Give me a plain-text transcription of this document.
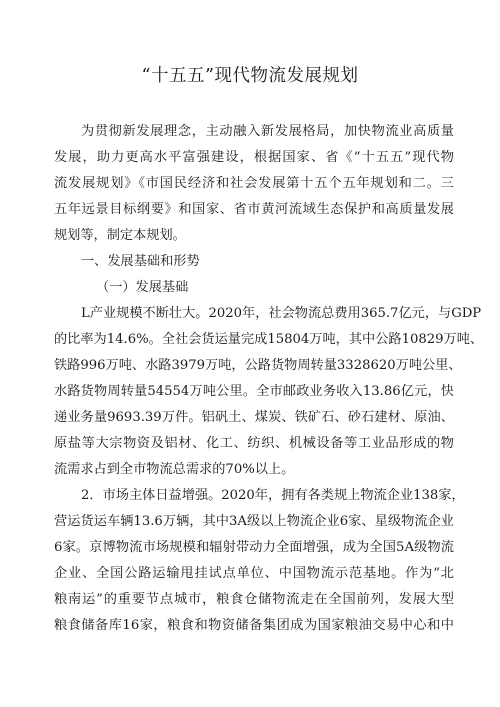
“十五五”现代物流发展规划

为贯彻新发展理念，主动融入新发展格局，加快物流业高质量

发展，助力更高水平富强建设，根据国家、省《“十五五”现代物

流发展规划》《市国民经济和社会发展第十五个五年规划和二。三

五年远景目标纲要》和国家、省市黄河流域生态保护和高质量发展

规划等，制定本规划。

一、发展基础和形势

（一）发展基础

L产业规模不断壮大。2020年，社会物流总费用365.7亿元，与GDP

的比率为14.6%。全社会货运量完成15804万吨，其中公路10829万吨、

铁路996万吨、水路3979万吨，公路货物周转量3328620万吨公里、

水路货物周转量54554万吨公里。全市邮政业务收入13.86亿元，快

递业务量9693.39万件。铝矾土、煤炭、铁矿石、砂石建材、原油、

原盐等大宗物资及铝材、化工、纺织、机械设备等工业品形成的物

流需求占到全市物流总需求的70%以上。

2．市场主体日益增强。2020年，拥有各类规上物流企业138家，

营运货运车辆13.6万辆，其中3A级以上物流企业6家、星级物流企业

6家。京博物流市场规模和辐射带动力全面增强，成为全国5A级物流

企业、全国公路运输甩挂试点单位、中国物流示范基地。作为“北

粮南运”的重要节点城市，粮食仓储物流走在全国前列，发展大型

粮食储备库16家，粮食和物资储备集团成为国家粮油交易中心和中
